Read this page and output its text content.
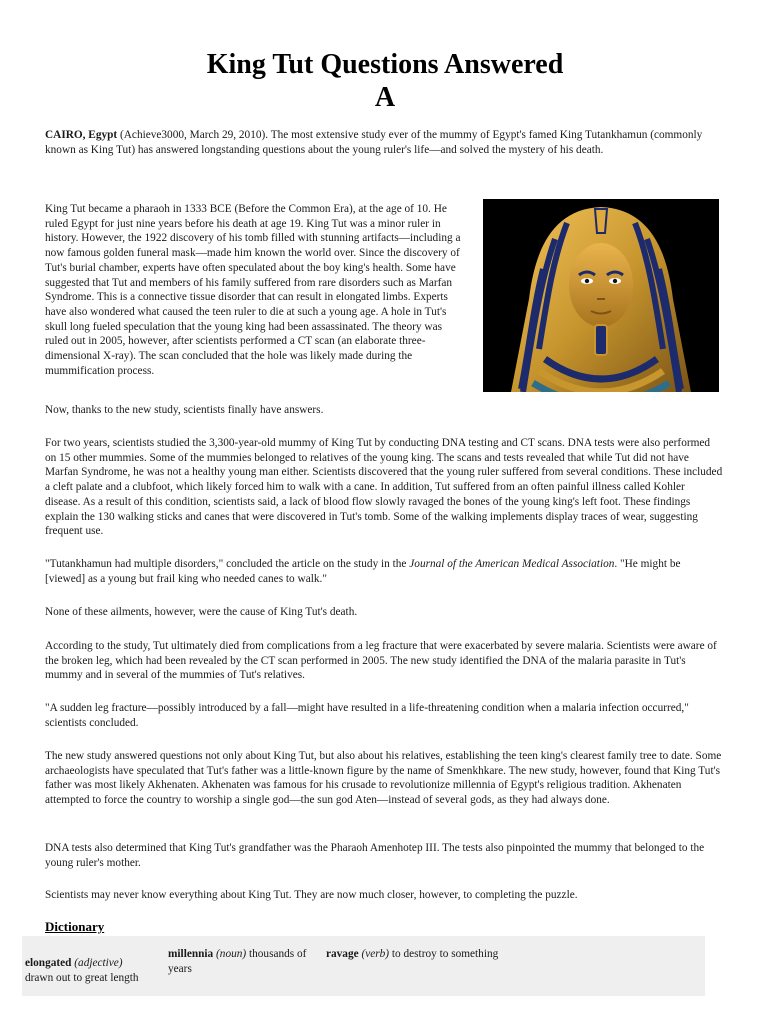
King Tut Questions Answered
A

CAIRO, Egypt (Achieve3000, March 29, 2010). The most extensive study ever of the mummy of Egypt's famed King Tutankhamun (commonly known as King Tut) has answered longstanding questions about the young ruler's life—and solved the mystery of his death.

King Tut became a pharaoh in 1333 BCE (Before the Common Era), at the age of 10. He ruled Egypt for just nine years before his death at age 19. King Tut was a minor ruler in history. However, the 1922 discovery of his tomb filled with stunning artifacts—including a now famous golden funeral mask—made him known the world over. Since the discovery of Tut's burial chamber, experts have often speculated about the boy king's health. Some have suggested that Tut and members of his family suffered from rare disorders such as Marfan Syndrome. This is a connective tissue disorder that can result in elongated limbs. Experts have also wondered what caused the teen ruler to die at such a young age. A hole in Tut's skull long fueled speculation that the young king had been assassinated. The theory was ruled out in 2005, however, after scientists performed a CT scan (an elaborate three-dimensional X-ray). The scan concluded that the hole was likely made during the mummification process.

Now, thanks to the new study, scientists finally have answers.

For two years, scientists studied the 3,300-year-old mummy of King Tut by conducting DNA testing and CT scans. DNA tests were also performed on 15 other mummies. Some of the mummies belonged to relatives of the young king. The scans and tests revealed that while Tut did not have Marfan Syndrome, he was not a healthy young man either. Scientists discovered that the young ruler suffered from several conditions. These included a cleft palate and a clubfoot, which likely forced him to walk with a cane. In addition, Tut suffered from an often painful illness called Kohler disease. As a result of this condition, scientists said, a lack of blood flow slowly ravaged the bones of the young king's left foot. These findings explain the 130 walking sticks and canes that were discovered in Tut's tomb. Some of the walking implements display traces of wear, suggesting frequent use.

"Tutankhamun had multiple disorders," concluded the article on the study in the Journal of the American Medical Association. "He might be [viewed] as a young but frail king who needed canes to walk."

None of these ailments, however, were the cause of King Tut's death.

According to the study, Tut ultimately died from complications from a leg fracture that were exacerbated by severe malaria. Scientists were aware of the broken leg, which had been revealed by the CT scan performed in 2005. The new study identified the DNA of the malaria parasite in Tut's mummy and in several of the mummies of Tut's relatives.

"A sudden leg fracture—possibly introduced by a fall—might have resulted in a life-threatening condition when a malaria infection occurred," scientists concluded.

The new study answered questions not only about King Tut, but also about his relatives, establishing the teen king's clearest family tree to date. Some archaeologists have speculated that Tut's father was a little-known figure by the name of Smenkhkare. The new study, however, found that King Tut's father was most likely Akhenaten. Akhenaten was famous for his crusade to revolutionize millennia of Egypt's religious tradition. Akhenaten attempted to force the country to worship a single god—the sun god Aten—instead of several gods, as they had always done.

DNA tests also determined that King Tut's grandfather was the Pharaoh Amenhotep III. The tests also pinpointed the mummy that belonged to the young ruler's mother.

Scientists may never know everything about King Tut. They are now much closer, however, to completing the puzzle.

Dictionary

elongated (adjective)
drawn out to great length
millennia (noun) thousands of years
ravage (verb) to destroy to something
